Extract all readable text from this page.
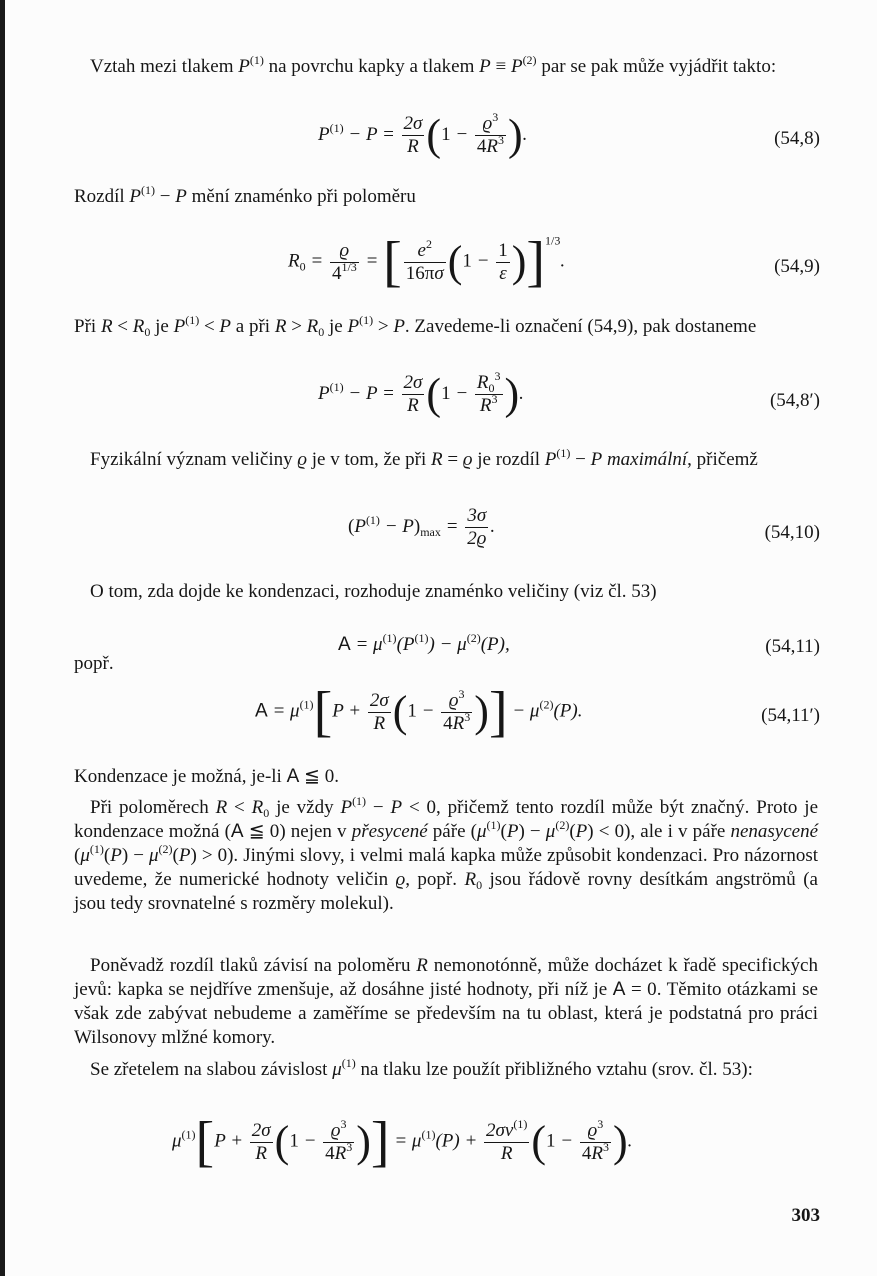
Vztah mezi tlakem $P^{(1)}$ na povrchu kapky a tlakem $P \equiv P^{(2)}$ par se pak může vyjádřit takto:

$P^{(1)} - P = \frac{2\sigma}{R} (1 - \frac{ϱ^3}{4R^3}$ ).	(54,8)

Rozdíl $P^{(1)} - P$ mění znaménko při poloměru

$R_0 = \frac{ϱ}{4^{1/3}}$ = [ $\frac{e^2}{16\pi\sigma} (1 - \frac{1}{\varepsilon} )]^{1/3}$.	(54,9)

Při $R < R_0$ je $P^{(1)} < P$ a při $R > R_0$ je $P^{(1)} > P$. Zavedeme-li označení (54,9), pak dostaneme

$P^{(1)} - P = \frac{2\sigma}{R} (1 - \frac{R_0^3}{R^3}$ ).	(54,8′)

Fyzikální význam veličiny ϱ je v tom, že při R = ϱ je rozdíl $P^{(1)} - P$ maximální, přičemž

$(P^{(1)} - P)_{max} = \frac{3\sigma}{2ϱ}$ .	(54,10)

O tom, zda dojde ke kondenzaci, rozhoduje znaménko veličiny (viz čl. 53)

$A = \mu^{(1)}(P^{(1)}) - \mu^{(2)}(P)$,	(54,11)

popř.

$A = \mu^{(1)}[P + \frac{2\sigma}{R} (1 - \frac{ϱ^3}{4R^3}$ )] − $\mu^{(2)}(P)$.	(54,11′)

Kondenzace je možná, je-li A ≦ 0.

Při poloměrech $R < R_0$ je vždy $P^{(1)} - P < 0$, přičemž tento rozdíl může být značný. Proto je kondenzace možná (A ≦ 0) nejen v přesycené páře $(\mu^{(1)}(P) - \mu^{(2)}(P) < 0)$, ale i v páře nenasycené $(\mu^{(1)}(P) - \mu^{(2)}(P) > 0)$. Jinými slovy, i velmi malá kapka může způsobit kondenzaci. Pro názornost uvedeme, že numerické hodnoty veličin ϱ, popř. $R_0$ jsou řádově rovny desítkám angströmů (a jsou tedy srovnatelné s rozměry molekul).

Poněvadž rozdíl tlaků závisí na poloměru R nemonotónně, může docházet k řadě specifických jevů: kapka se nejdříve zmenšuje, až dosáhne jisté hodnoty, při níž je A = 0. Těmito otázkami se však zde zabývat nebudeme a zaměříme se především na tu oblast, která je podstatná pro práci Wilsonovy mlžné komory.

Se zřetelem na slabou závislost $\mu^{(1)}$ na tlaku lze použít přibližného vztahu (srov. čl. 53):

$\mu^{(1)}[P + \frac{2\sigma}{R} (1 - \frac{ϱ^3}{4R^3}$ )] = $\mu^{(1)}(P) + \frac{2\sigma v^{(1)}}{R} (1 - \frac{ϱ^3}{4R^3}$ ).
303
